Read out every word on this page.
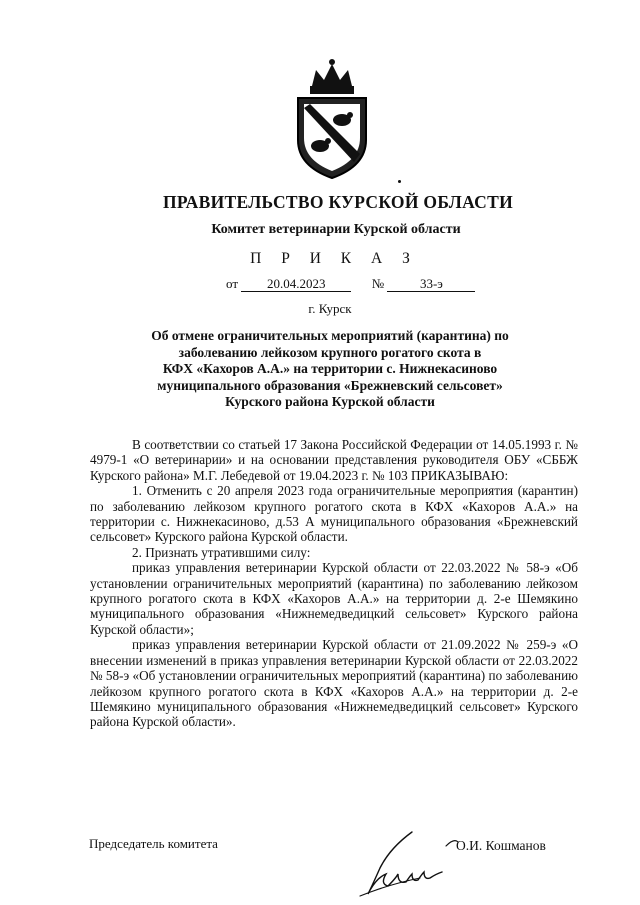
ПРАВИТЕЛЬСТВО КУРСКОЙ ОБЛАСТИ
Комитет ветеринарии Курской области
П Р И К А З
от 20.04.2023	№	33-э
г. Курск
Об отмене ограничительных мероприятий (карантина) по
заболеванию лейкозом крупного рогатого скота в
КФХ «Кахоров А.А.» на территории с. Нижнекасиново
муниципального образования «Брежневский сельсовет»
Курского района Курской области

В соответствии со статьей 17 Закона Российской Федерации от 14.05.1993 г. № 4979-1 «О ветеринарии» и на основании представления руководителя ОБУ «СББЖ Курского района» М.Г. Лебедевой от 19.04.2023 г. № 103 ПРИКАЗЫВАЮ:

1. Отменить с 20 апреля 2023 года ограничительные мероприятия (карантин) по заболеванию лейкозом крупного рогатого скота в КФХ «Кахоров А.А.» на территории с. Нижнекасиново, д.53 А муниципального образования «Брежневский сельсовет» Курского района Курской области.

2. Признать утратившими силу:

приказ управления ветеринарии Курской области от 22.03.2022 № 58-э «Об установлении ограничительных мероприятий (карантина) по заболеванию лейкозом крупного рогатого скота в КФХ «Кахоров А.А.» на территории д. 2-е Шемякино муниципального образования «Нижнемедведицкий сельсовет» Курского района Курской области»;

приказ управления ветеринарии Курской области от 21.09.2022 № 259-э «О внесении изменений в приказ управления ветеринарии Курской области от 22.03.2022 № 58-э «Об установлении ограничительных мероприятий (карантина) по заболеванию лейкозом крупного рогатого скота в КФХ «Кахоров А.А.» на территории д. 2-е Шемякино муниципального образования «Нижнемедведицкий сельсовет» Курского района Курской области».

Председатель комитета	О.И. Кошманов
